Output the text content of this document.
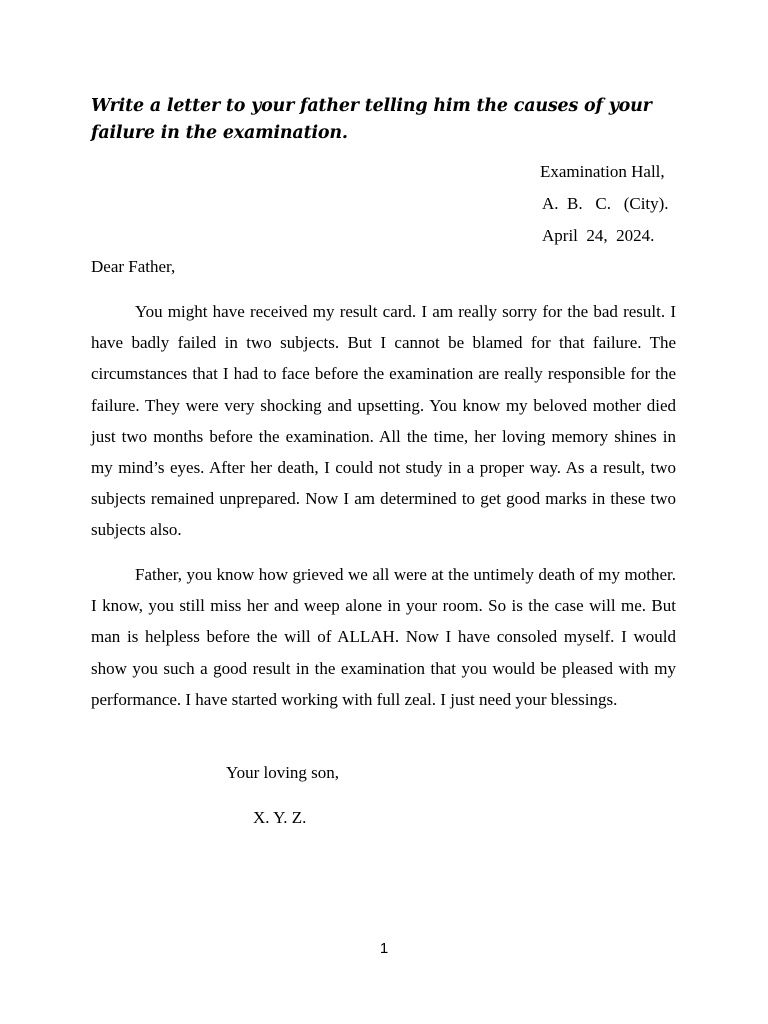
Write a letter to your father telling him the causes of your failure in the examination.
Examination Hall,
A.  B.   C.   (City).
April  24,  2024.
Dear Father,
You might have received my result card. I am really sorry for the bad result. I have badly failed in two subjects. But I cannot be blamed for that failure. The circumstances that I had to face before the examination are really responsible for the failure. They were very shocking and upsetting. You know my beloved mother died just two months before the examination. All the time, her loving memory shines in my mind’s eyes. After her death, I could not study in a proper way. As a result, two subjects remained unprepared. Now I am determined to get good marks in these two subjects also.
Father, you know how grieved we all were at the untimely death of my mother. I know, you still miss her and weep alone in your room. So is the case will me. But man is helpless before the will of ALLAH. Now I have consoled myself. I would show you such a good result in the examination that you would be pleased with my performance. I have started working with full zeal. I just need your blessings.
Your loving son,
X. Y. Z.
1
